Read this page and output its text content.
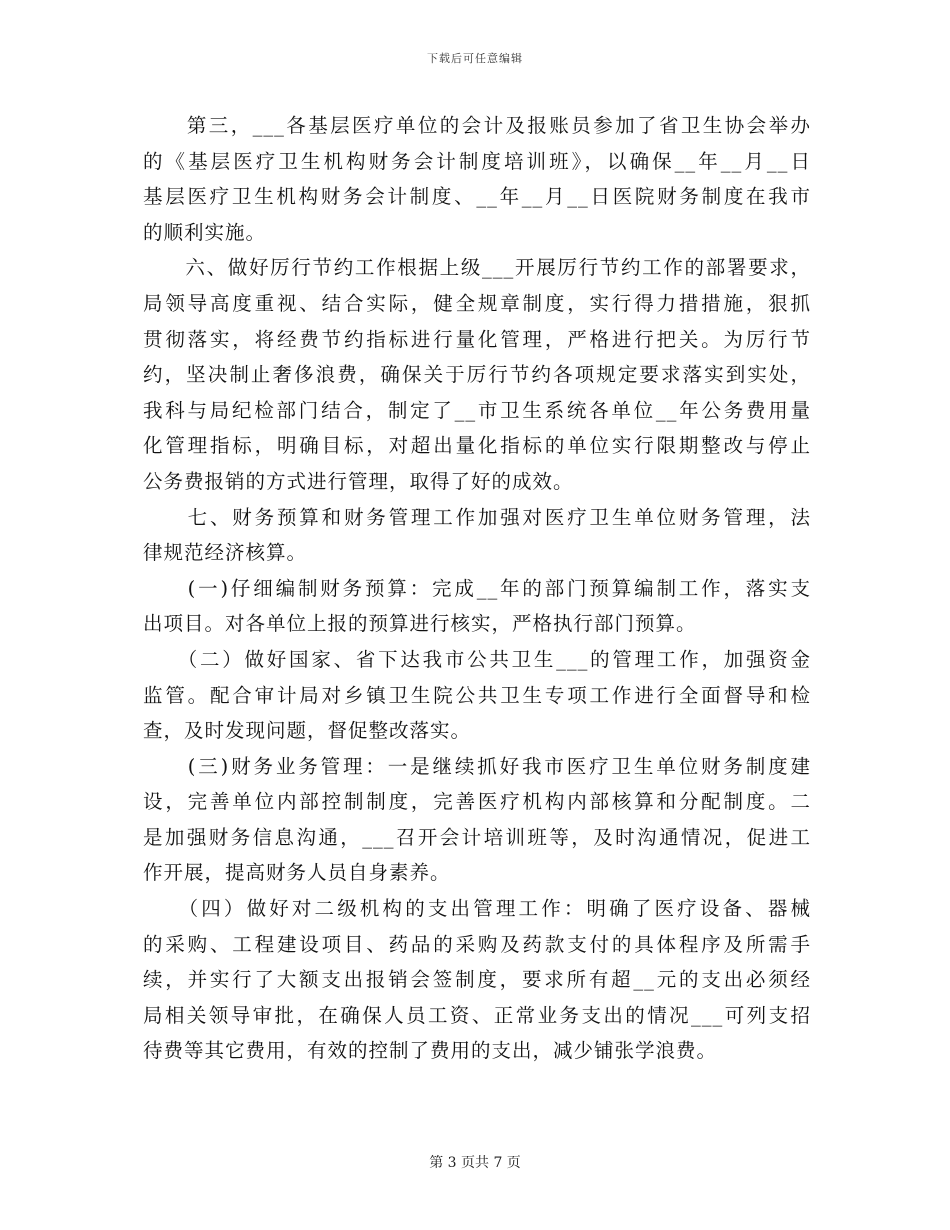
下载后可任意编辑
　　第三，___各基层医疗单位的会计及报账员参加了省卫生协会举办
的《基层医疗卫生机构财务会计制度培训班》，以确保__年__月__日
基层医疗卫生机构财务会计制度、__年__月__日医院财务制度在我市
的顺利实施。
　　六、做好厉行节约工作根据上级___开展厉行节约工作的部署要求，
局领导高度重视、结合实际，健全规章制度，实行得力措措施，狠抓
贯彻落实，将经费节约指标进行量化管理，严格进行把关。为厉行节
约，坚决制止奢侈浪费，确保关于厉行节约各项规定要求落实到实处，
我科与局纪检部门结合，制定了__市卫生系统各单位__年公务费用量
化管理指标，明确目标，对超出量化指标的单位实行限期整改与停止
公务费报销的方式进行管理，取得了好的成效。
　　七、财务预算和财务管理工作加强对医疗卫生单位财务管理，法
律规范经济核算。
　　(一)仔细编制财务预算：完成__年的部门预算编制工作，落实支
出项目。对各单位上报的预算进行核实，严格执行部门预算。
　　（二）做好国家、省下达我市公共卫生___的管理工作，加强资金
监管。配合审计局对乡镇卫生院公共卫生专项工作进行全面督导和检
查，及时发现问题，督促整改落实。
　　(三)财务业务管理：一是继续抓好我市医疗卫生单位财务制度建
设，完善单位内部控制制度，完善医疗机构内部核算和分配制度。二
是加强财务信息沟通，___召开会计培训班等，及时沟通情况，促进工
作开展，提高财务人员自身素养。
　　（四）做好对二级机构的支出管理工作：明确了医疗设备、器械
的采购、工程建设项目、药品的采购及药款支付的具体程序及所需手
续，并实行了大额支出报销会签制度，要求所有超__元的支出必须经
局相关领导审批，在确保人员工资、正常业务支出的情况___可列支招
待费等其它费用，有效的控制了费用的支出，减少铺张学浪费。
第 3 页共 7 页
